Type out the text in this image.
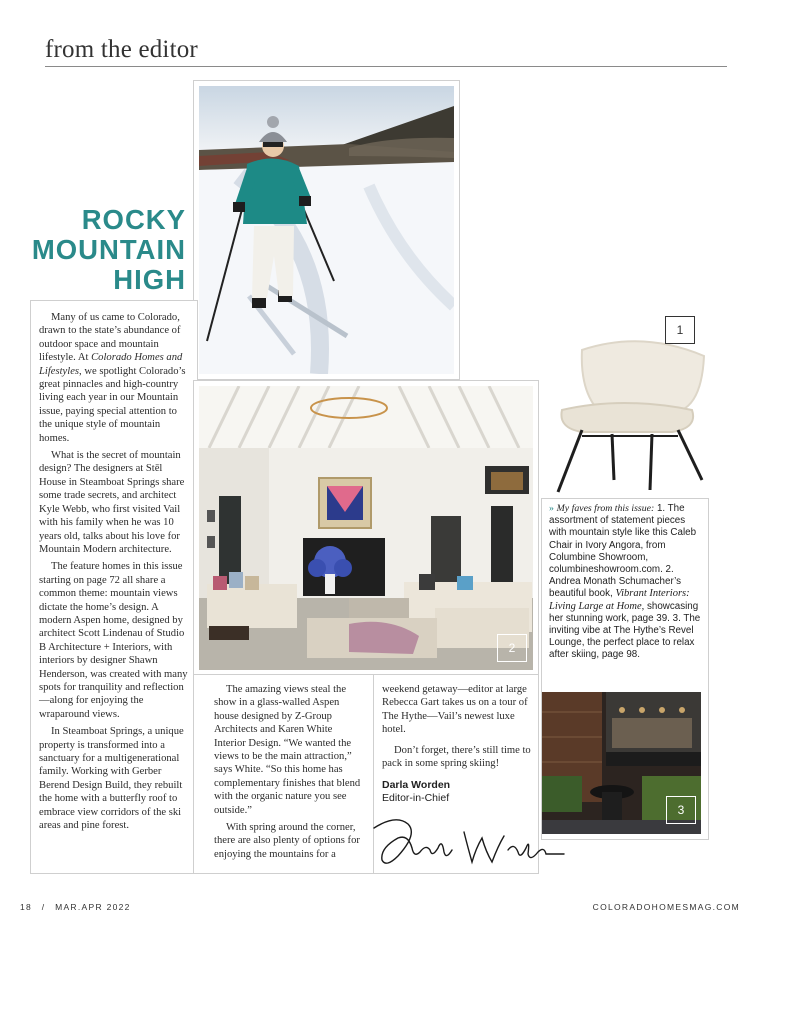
from the editor
ROCKY
MOUNTAIN
HIGH

Many of us came to Colorado, drawn to the state’s abundance of outdoor space and mountain lifestyle. At Colorado Homes and Lifestyles, we spotlight Colorado’s great pinnacles and high-country living each year in our Mountain issue, paying special attention to the unique style of mountain homes.

What is the secret of mountain design? The designers at Stēl House in Steamboat Springs share some trade secrets, and architect Kyle Webb, who first visited Vail with his family when he was 10 years old, talks about his love for Mountain Modern architecture.

The feature homes in this issue starting on page 72 all share a common theme: mountain views dictate the home’s design. A modern Aspen home, designed by architect Scott Lindenau of Studio B Architecture + Interiors, with interiors by designer Shawn Henderson, was created with many spots for tranquility and reflection—along for enjoying the wraparound views.

In Steamboat Springs, a unique property is transformed into a sanctuary for a multigenerational family. Working with Gerber Berend Design Build, they rebuilt the home with a butterfly roof to embrace view corridors of the ski areas and pine forest.

2

The amazing views steal the show in a glass-walled Aspen house designed by Z-Group Architects and Karen White Interior Design. “We wanted the views to be the main attraction,” says White. “So this home has complementary finishes that blend with the organic nature you see outside.”

With spring around the corner, there are also plenty of options for enjoying the mountains for a

weekend getaway—editor at large Rebecca Gart takes us on a tour of The Hythe—Vail’s newest luxe hotel.

Don’t forget, there’s still time to pack in some spring skiing!

Darla Worden
Editor-in-Chief
1
» My faves from this issue: 1. The assortment of statement pieces with mountain style like this Caleb Chair in Ivory Angora, from Columbine Showroom, columbineshowroom.com. 2. Andrea Monath Schumacher’s beautiful book, Vibrant Interiors: Living Large at Home, showcasing her stunning work, page 39. 3. The inviting vibe at The Hythe’s Revel Lounge, the perfect place to relax after skiing, page 98.
3
18 / MAR.APR 2022	COLORADOHOMESMAG.COM
